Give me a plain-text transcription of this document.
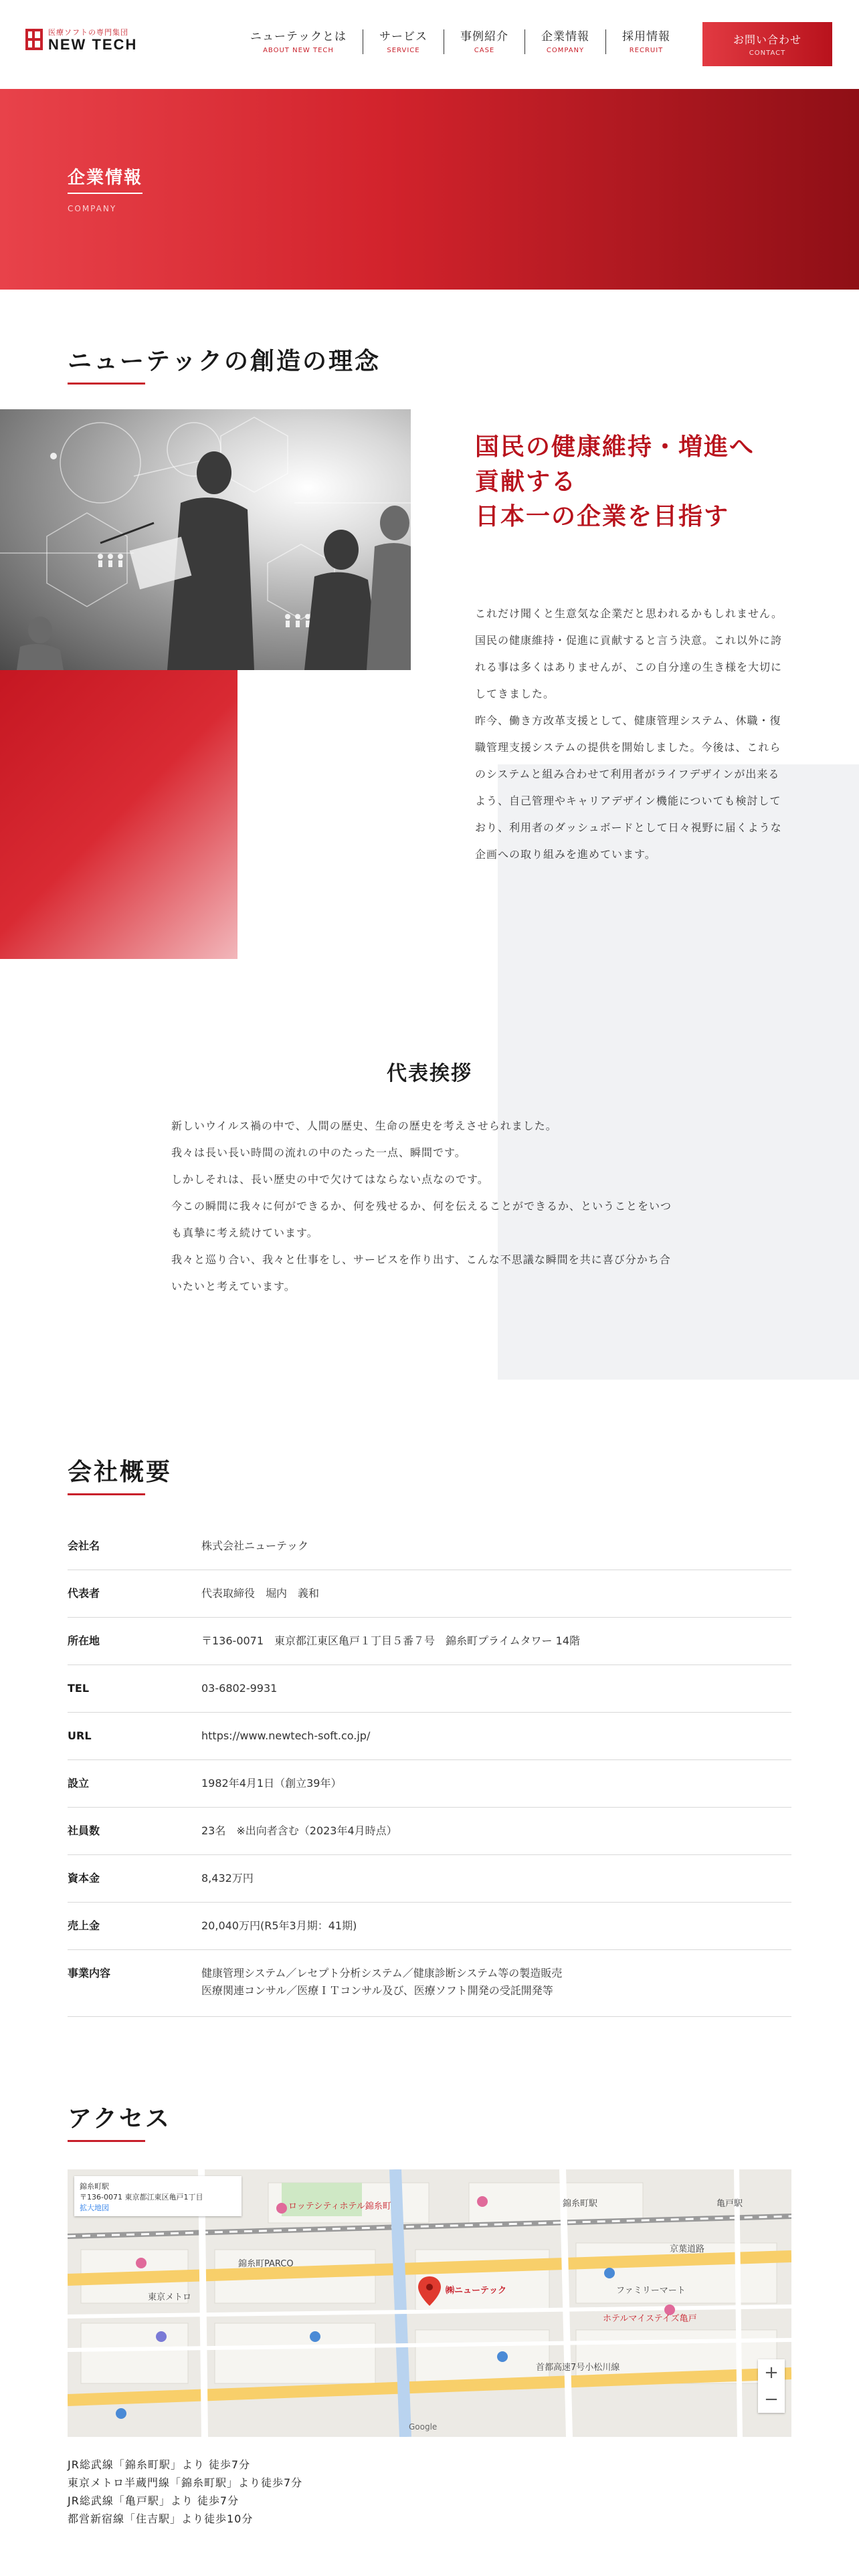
医療ソフトの専門集団
NEW TECH	ニューテックとは
ABOUT NEW TECH
サービス
SERVICE
事例紹介
CASE
企業情報
COMPANY
採用情報
RECRUIT
お問い合わせ
CONTACT
企業情報
COMPANY
ニューテックの創造の理念
国民の健康維持・増進へ
貢献する
日本一の企業を目指す

これだけ聞くと生意気な企業だと思われるかもしれません。

国民の健康維持・促進に貢献すると言う決意。これ以外に誇れる事は多くはありませんが、この自分達の生き様を大切にしてきました。

昨今、働き方改革支援として、健康管理システム、休職・復職管理支援システムの提供を開始しました。今後は、これらのシステムと組み合わせて利用者がライフデザインが出来るよう、自己管理やキャリアデザイン機能についても検討しており、利用者のダッシュボードとして日々視野に届くような企画への取り組みを進めています。

代表挨拶

新しいウイルス禍の中で、人間の歴史、生命の歴史を考えさせられました。

我々は長い長い時間の流れの中のたった一点、瞬間です。

しかしそれは、長い歴史の中で欠けてはならない点なのです。

今この瞬間に我々に何ができるか、何を残せるか、何を伝えることができるか、ということをいつも真摯に考え続けています。

我々と巡り合い、我々と仕事をし、サービスを作り出す、こんな不思議な瞬間を共に喜び分かち合いたいと考えています。

会社概要
会社名	株式会社ニューテック
代表者	代表取締役　堀内　義和
所在地	〒136-0071　東京都江東区亀戸１丁目５番７号　錦糸町プライムタワー 14階
TEL	03-6802-9931
URL	https://www.newtech-soft.co.jp/
設立	1982年4月1日（創立39年）
社員数	23名　※出向者含む（2023年4月時点）
資本金	8,432万円
売上金	20,040万円(R5年3月期：41期)
事業内容	健康管理システム／レセプト分析システム／健康診断システム等の製造販売
医療関連コンサル／医療ＩＴコンサル及び、医療ソフト開発の受託開発等
アクセス
錦糸町駅
〒136-0071 東京都江東区亀戸1丁目
拡大地図
㈱ニューテック
ロッテシティホテル錦糸町
錦糸町PARCO
東京メトロ
錦糸町駅	亀戸駅
京葉道路
首都高速7号小松川線
ファミリーマート
ホテルマイステイズ亀戸
Google
+
−

JR総武線「錦糸町駅」より 徒歩7分

東京メトロ半蔵門線「錦糸町駅」より徒歩7分

JR総武線「亀戸駅」より 徒歩7分

都営新宿線「住吉駅」より徒歩10分
